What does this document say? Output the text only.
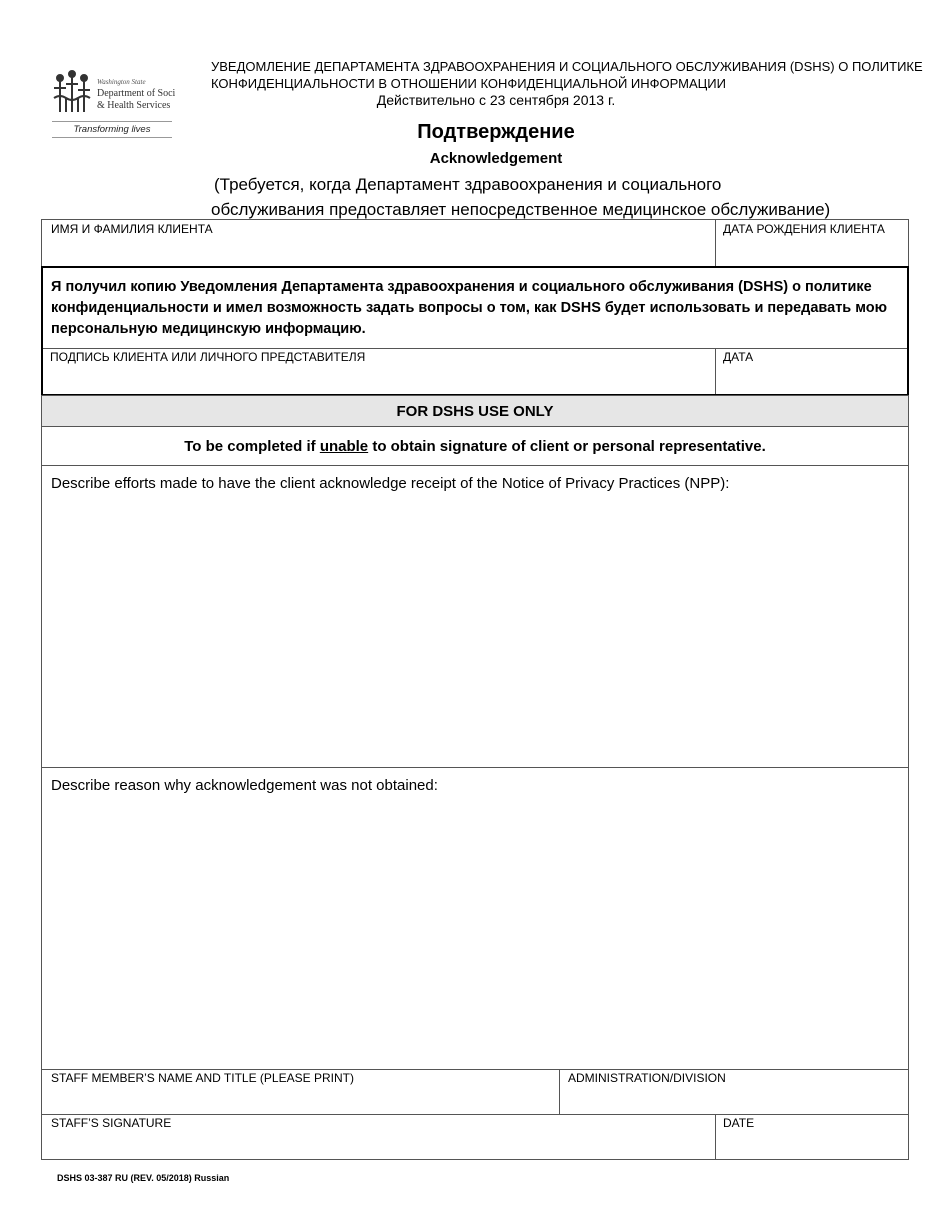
Washington State
Department of Social
& Health Services
Transforming lives
УВЕДОМЛЕНИЕ ДЕПАРТАМЕНТА ЗДРАВООХРАНЕНИЯ И СОЦИАЛЬНОГО ОБСЛУЖИВАНИЯ (DSHS) О ПОЛИТИКЕ
КОНФИДЕНЦИАЛЬНОСТИ В ОТНОШЕНИИ КОНФИДЕНЦИАЛЬНОЙ ИНФОРМАЦИИ
Действительно с 23 сентября 2013 г.
Подтверждение
Acknowledgement
(Требуется, когда Департамент здравоохранения и социального
обслуживания предоставляет непосредственное медицинское обслуживание)
ИМЯ И ФАМИЛИЯ КЛИЕНТА	ДАТА РОЖДЕНИЯ КЛИЕНТА
Я получил копию Уведомления Департамента здравоохранения и социального обслуживания (DSHS) о политике конфиденциальности и имел возможность задать вопросы о том, как DSHS будет использовать и передавать мою персональную медицинскую информацию.
ПОДПИСЬ КЛИЕНТА ИЛИ ЛИЧНОГО ПРЕДСТАВИТЕЛЯ	ДАТА
FOR DSHS USE ONLY
To be completed if unable to obtain signature of client or personal representative.
Describe efforts made to have the client acknowledge receipt of the Notice of Privacy Practices (NPP):
Describe reason why acknowledgement was not obtained:
STAFF MEMBER’S NAME AND TITLE (PLEASE PRINT)	ADMINISTRATION/DIVISION
STAFF’S SIGNATURE	DATE
DSHS 03-387 RU (REV. 05/2018) Russian
